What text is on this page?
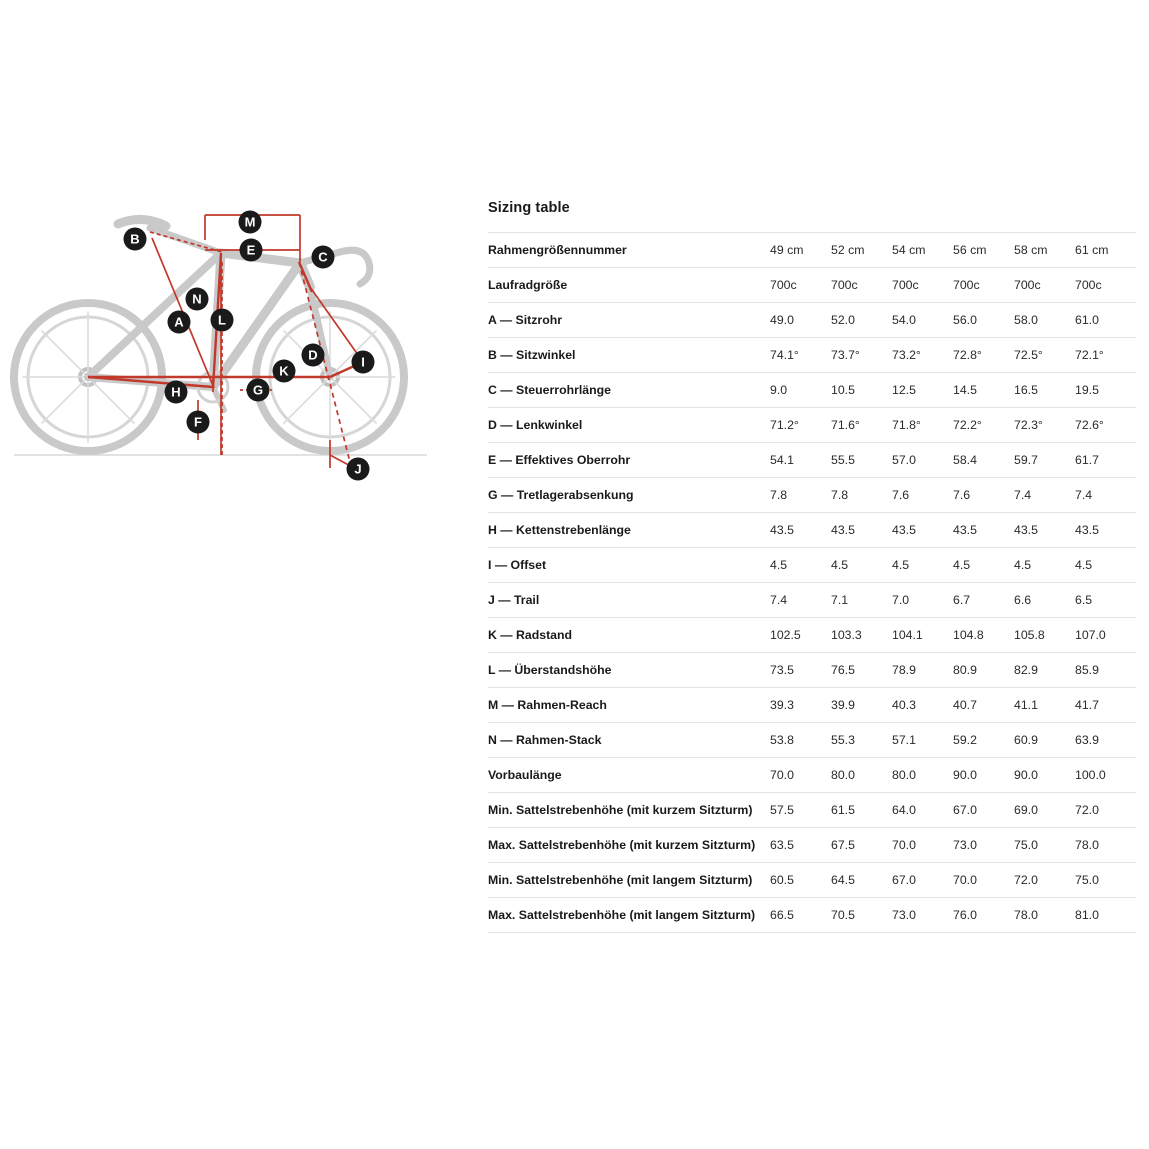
B
M
E	C
N
A	L
D	I
K
H	G
F
J
Sizing table
Rahmengrößennummer	49 cm	52 cm	54 cm	56 cm	58 cm	61 cm
Laufradgröße	700c	700c	700c	700c	700c	700c
A — Sitzrohr	49.0	52.0	54.0	56.0	58.0	61.0
B — Sitzwinkel	74.1°	73.7°	73.2°	72.8°	72.5°	72.1°
C — Steuerrohrlänge	9.0	10.5	12.5	14.5	16.5	19.5
D — Lenkwinkel	71.2°	71.6°	71.8°	72.2°	72.3°	72.6°
E — Effektives Oberrohr	54.1	55.5	57.0	58.4	59.7	61.7
G — Tretlagerabsenkung	7.8	7.8	7.6	7.6	7.4	7.4
H — Kettenstrebenlänge	43.5	43.5	43.5	43.5	43.5	43.5
I — Offset	4.5	4.5	4.5	4.5	4.5	4.5
J — Trail	7.4	7.1	7.0	6.7	6.6	6.5
K — Radstand	102.5	103.3	104.1	104.8	105.8	107.0
L — Überstandshöhe	73.5	76.5	78.9	80.9	82.9	85.9
M — Rahmen-Reach	39.3	39.9	40.3	40.7	41.1	41.7
N — Rahmen-Stack	53.8	55.3	57.1	59.2	60.9	63.9
Vorbaulänge	70.0	80.0	80.0	90.0	90.0	100.0
Min. Sattelstrebenhöhe (mit kurzem Sitzturm)	57.5	61.5	64.0	67.0	69.0	72.0
Max. Sattelstrebenhöhe (mit kurzem Sitzturm)	63.5	67.5	70.0	73.0	75.0	78.0
Min. Sattelstrebenhöhe (mit langem Sitzturm)	60.5	64.5	67.0	70.0	72.0	75.0
Max. Sattelstrebenhöhe (mit langem Sitzturm)	66.5	70.5	73.0	76.0	78.0	81.0
